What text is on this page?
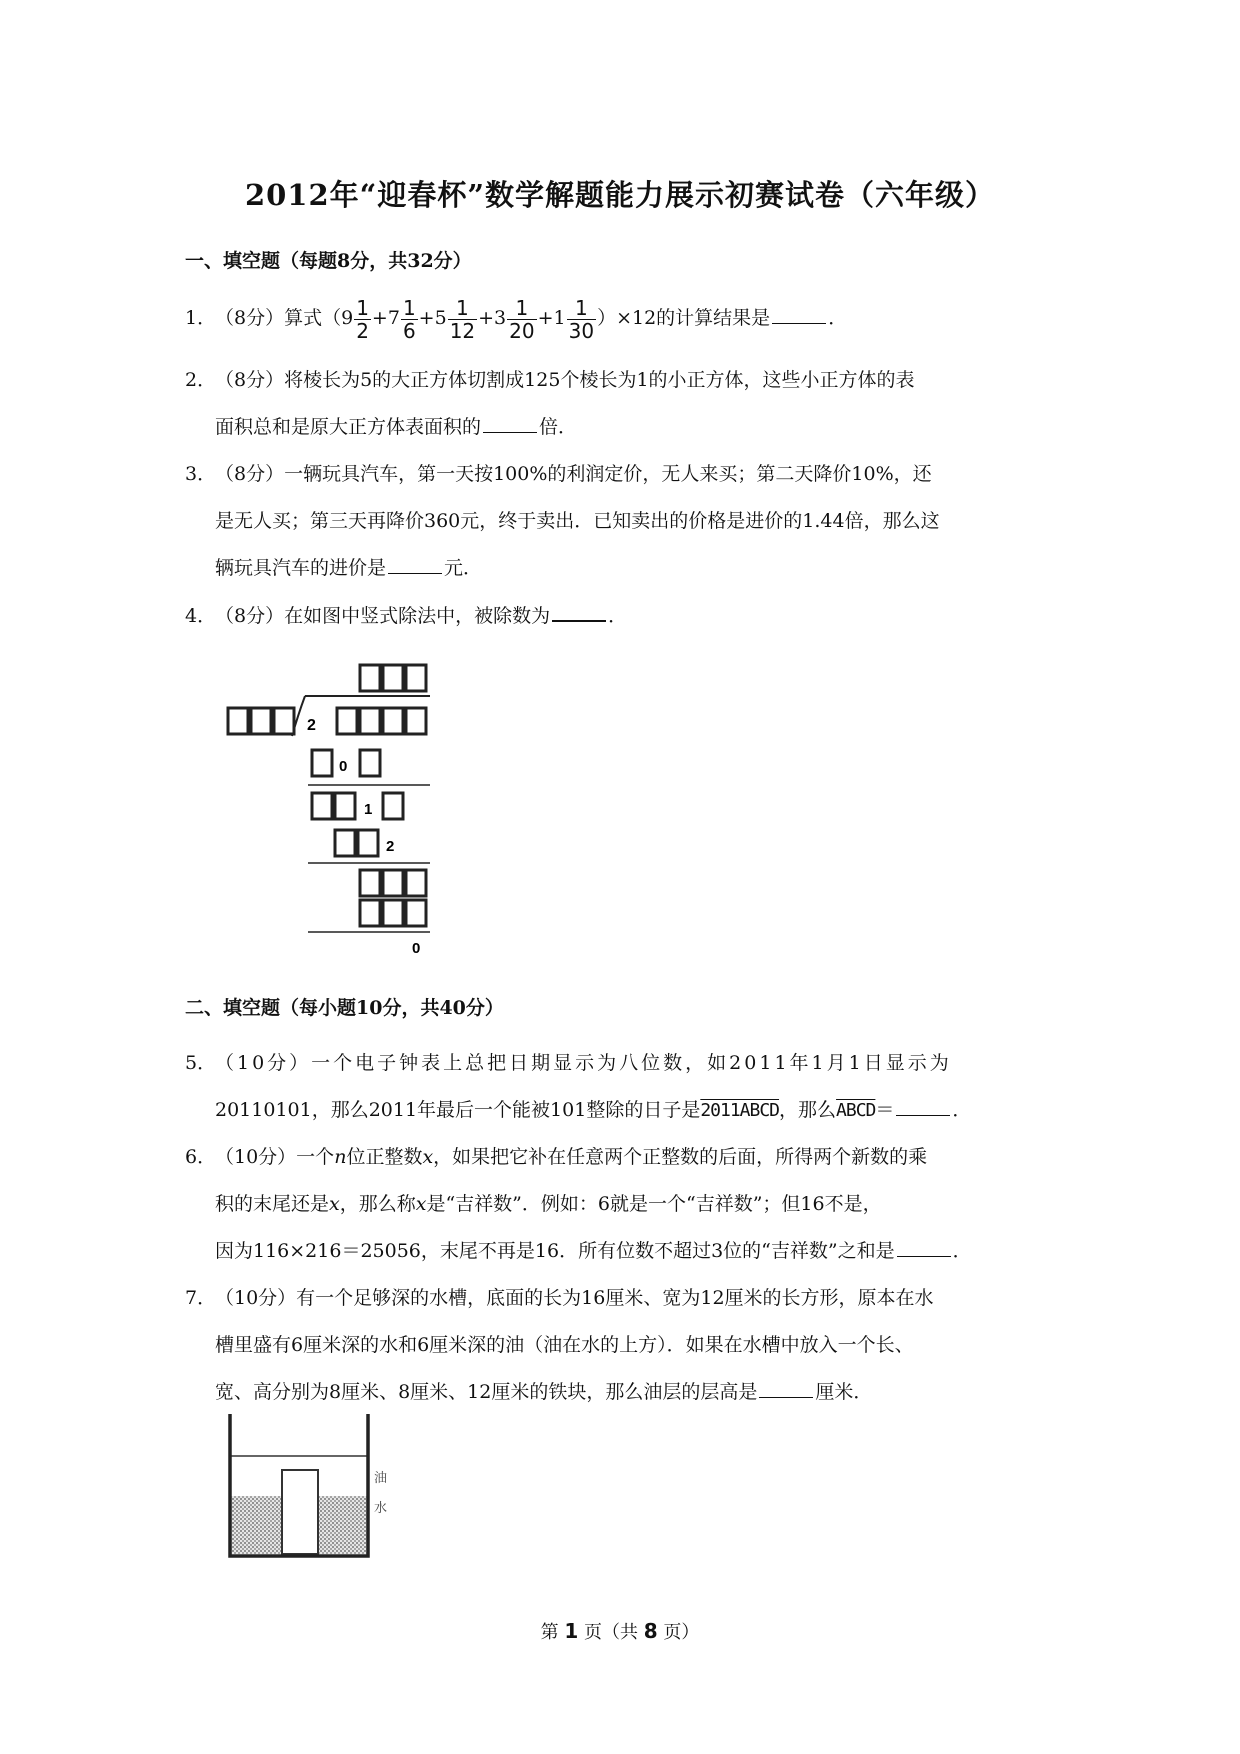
2012年“迎春杯”数学解题能力展示初赛试卷（六年级）
一、填空题（每题8分，共32分）
1．（8分）算式$(9 \frac{1}{2} +7 \frac{1}{6} +5 \frac{1}{12} +3 \frac{1}{20} +1 \frac{1}{30} )\times 12$的计算结果是	．
2．（8分）将棱长为5的大正方体切割成125个棱长为1的小正方体，这些小正方体的表
面积总和是原大正方体表面积的	倍．
3．（8分）一辆玩具汽车，第一天按100%的利润定价，无人来买；第二天降价10%，还
是无人买；第三天再降价360元，终于卖出．已知卖出的价格是进价的1.44倍，那么这
辆玩具汽车的进价是	元．
4．（8分）在如图中竖式除法中，被除数为	．
2
0
1
2
0
二、填空题（每小题10分，共40分）
5．（10分）一个电子钟表上总把日期显示为八位数，如2011年1月1日显示为
20110101，那么2011年最后一个能被101整除的日子是2011ABCD，那么ABCD＝	．
6．（10分）一个n位正整数x，如果把它补在任意两个正整数的后面，所得两个新数的乘
积的末尾还是x，那么称x是“吉祥数”．例如：6就是一个“吉祥数”；但16不是，
因为116×216＝25056，末尾不再是16．所有位数不超过3位的“吉祥数”之和是	．
7．（10分）有一个足够深的水槽，底面的长为16厘米、宽为12厘米的长方形，原本在水
槽里盛有6厘米深的水和6厘米深的油（油在水的上方）．如果在水槽中放入一个长、
宽、高分别为8厘米、8厘米、12厘米的铁块，那么油层的层高是	厘米．
油
水
第 1 页（共 8 页）
